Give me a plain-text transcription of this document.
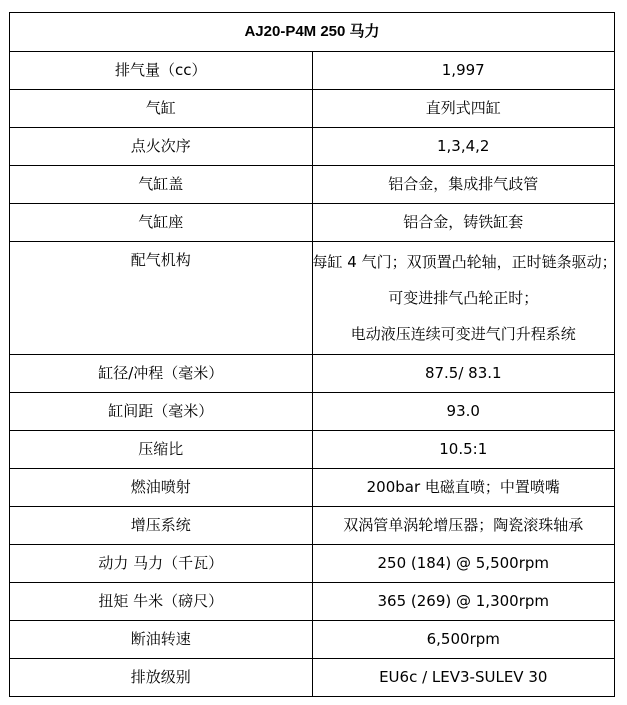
AJ20-P4M 250 马力	
排气量（cc）	1,997
气缸	直列式四缸
点火次序	1,3,4,2
气缸盖	铝合金，集成排气歧管
气缸座	铝合金，铸铁缸套
配气机构	每缸 4 气门；双顶置凸轮轴，正时链条驱动；
可变进排气凸轮正时；
电动液压连续可变进气门升程系统

缸径/冲程（毫米）	87.5/ 83.1
缸间距（毫米）	93.0
压缩比	10.5:1
燃油喷射	200bar 电磁直喷；中置喷嘴
增压系统	双涡管单涡轮增压器；陶瓷滚珠轴承
动力 马力（千瓦）	250 (184) @ 5,500rpm
扭矩 牛米（磅尺）	365 (269) @ 1,300rpm
断油转速	6,500rpm
排放级别	EU6c / LEV3-SULEV 30
